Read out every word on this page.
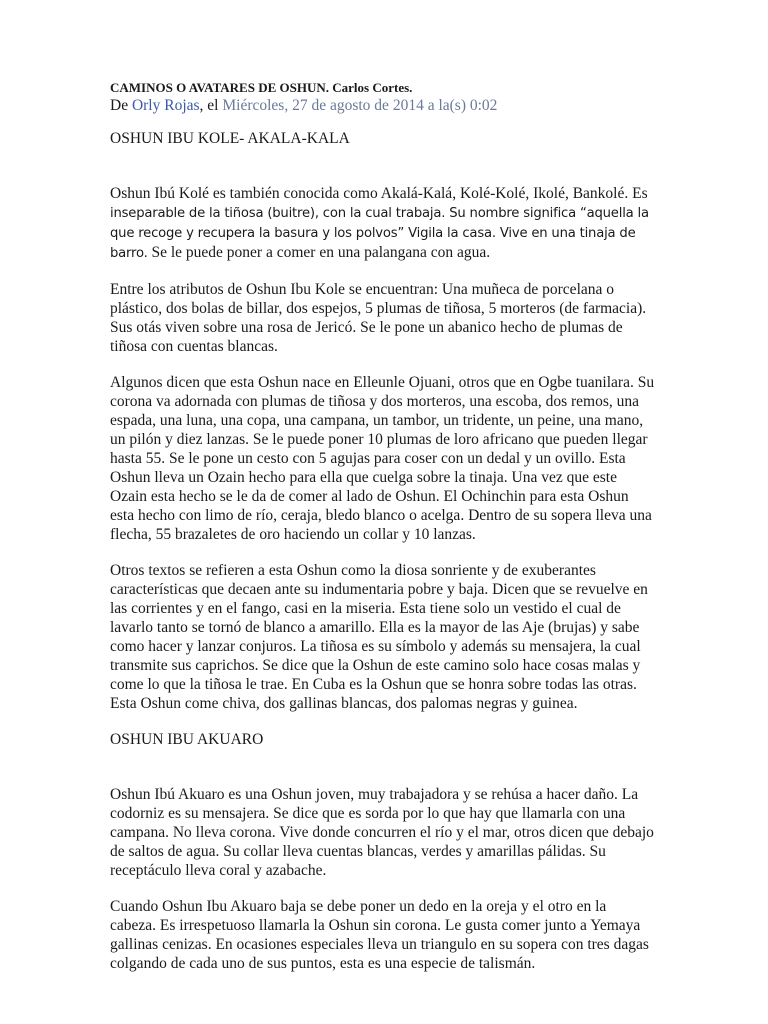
CAMINOS O AVATARES DE OSHUN. Carlos Cortes.

De Orly Rojas, el Miércoles, 27 de agosto de 2014 a la(s) 0:02

OSHUN IBU KOLE- AKALA-KALA

Oshun Ibú Kolé es también conocida como Akalá-Kalá, Kolé-Kolé, Ikolé, Bankolé. Es inseparable de la tiñosa (buitre), con la cual trabaja. Su nombre significa “aquella la que recoge y recupera la basura y los polvos” Vigila la casa. Vive en una tinaja de barro. Se le puede poner a comer en una palangana con agua.

Entre los atributos de Oshun Ibu Kole se encuentran: Una muñeca de porcelana o plástico, dos bolas de billar, dos espejos, 5 plumas de tiñosa, 5 morteros (de farmacia). Sus otás viven sobre una rosa de Jericó. Se le pone un abanico hecho de plumas de tiñosa con cuentas blancas.

Algunos dicen que esta Oshun nace en Elleunle Ojuani, otros que en Ogbe tuanilara. Su corona va adornada con plumas de tiñosa y dos morteros, una escoba, dos remos, una espada, una luna, una copa, una campana, un tambor, un tridente, un peine, una mano, un pilón y diez lanzas. Se le puede poner 10 plumas de loro africano que pueden llegar hasta 55. Se le pone un cesto con 5 agujas para coser con un dedal y un ovillo. Esta Oshun lleva un Ozain hecho para ella que cuelga sobre la tinaja. Una vez que este Ozain esta hecho se le da de comer al lado de Oshun. El Ochinchin para esta Oshun esta hecho con limo de río, ceraja, bledo blanco o acelga. Dentro de su sopera lleva una flecha, 55 brazaletes de oro haciendo un collar y 10 lanzas.

Otros textos se refieren a esta Oshun como la diosa sonriente y de exuberantes características que decaen ante su indumentaria pobre y baja. Dicen que se revuelve en las corrientes y en el fango, casi en la miseria. Esta tiene solo un vestido el cual de lavarlo tanto se tornó de blanco a amarillo. Ella es la mayor de las Aje (brujas) y sabe como hacer y lanzar conjuros. La tiñosa es su símbolo y además su mensajera, la cual transmite sus caprichos. Se dice que la Oshun de este camino solo hace cosas malas y come lo que la tiñosa le trae. En Cuba es la Oshun que se honra sobre todas las otras. Esta Oshun come chiva, dos gallinas blancas, dos palomas negras y guinea.

OSHUN IBU AKUARO

Oshun Ibú Akuaro es una Oshun joven, muy trabajadora y se rehúsa a hacer daño. La codorniz es su mensajera. Se dice que es sorda por lo que hay que llamarla con una campana. No lleva corona. Vive donde concurren el río y el mar, otros dicen que debajo de saltos de agua. Su collar lleva cuentas blancas, verdes y amarillas pálidas. Su receptáculo lleva coral y azabache.

Cuando Oshun Ibu Akuaro baja se debe poner un dedo en la oreja y el otro en la cabeza. Es irrespetuoso llamarla la Oshun sin corona. Le gusta comer junto a Yemaya gallinas cenizas. En ocasiones especiales lleva un triangulo en su sopera con tres dagas colgando de cada uno de sus puntos, esta es una especie de talismán.
